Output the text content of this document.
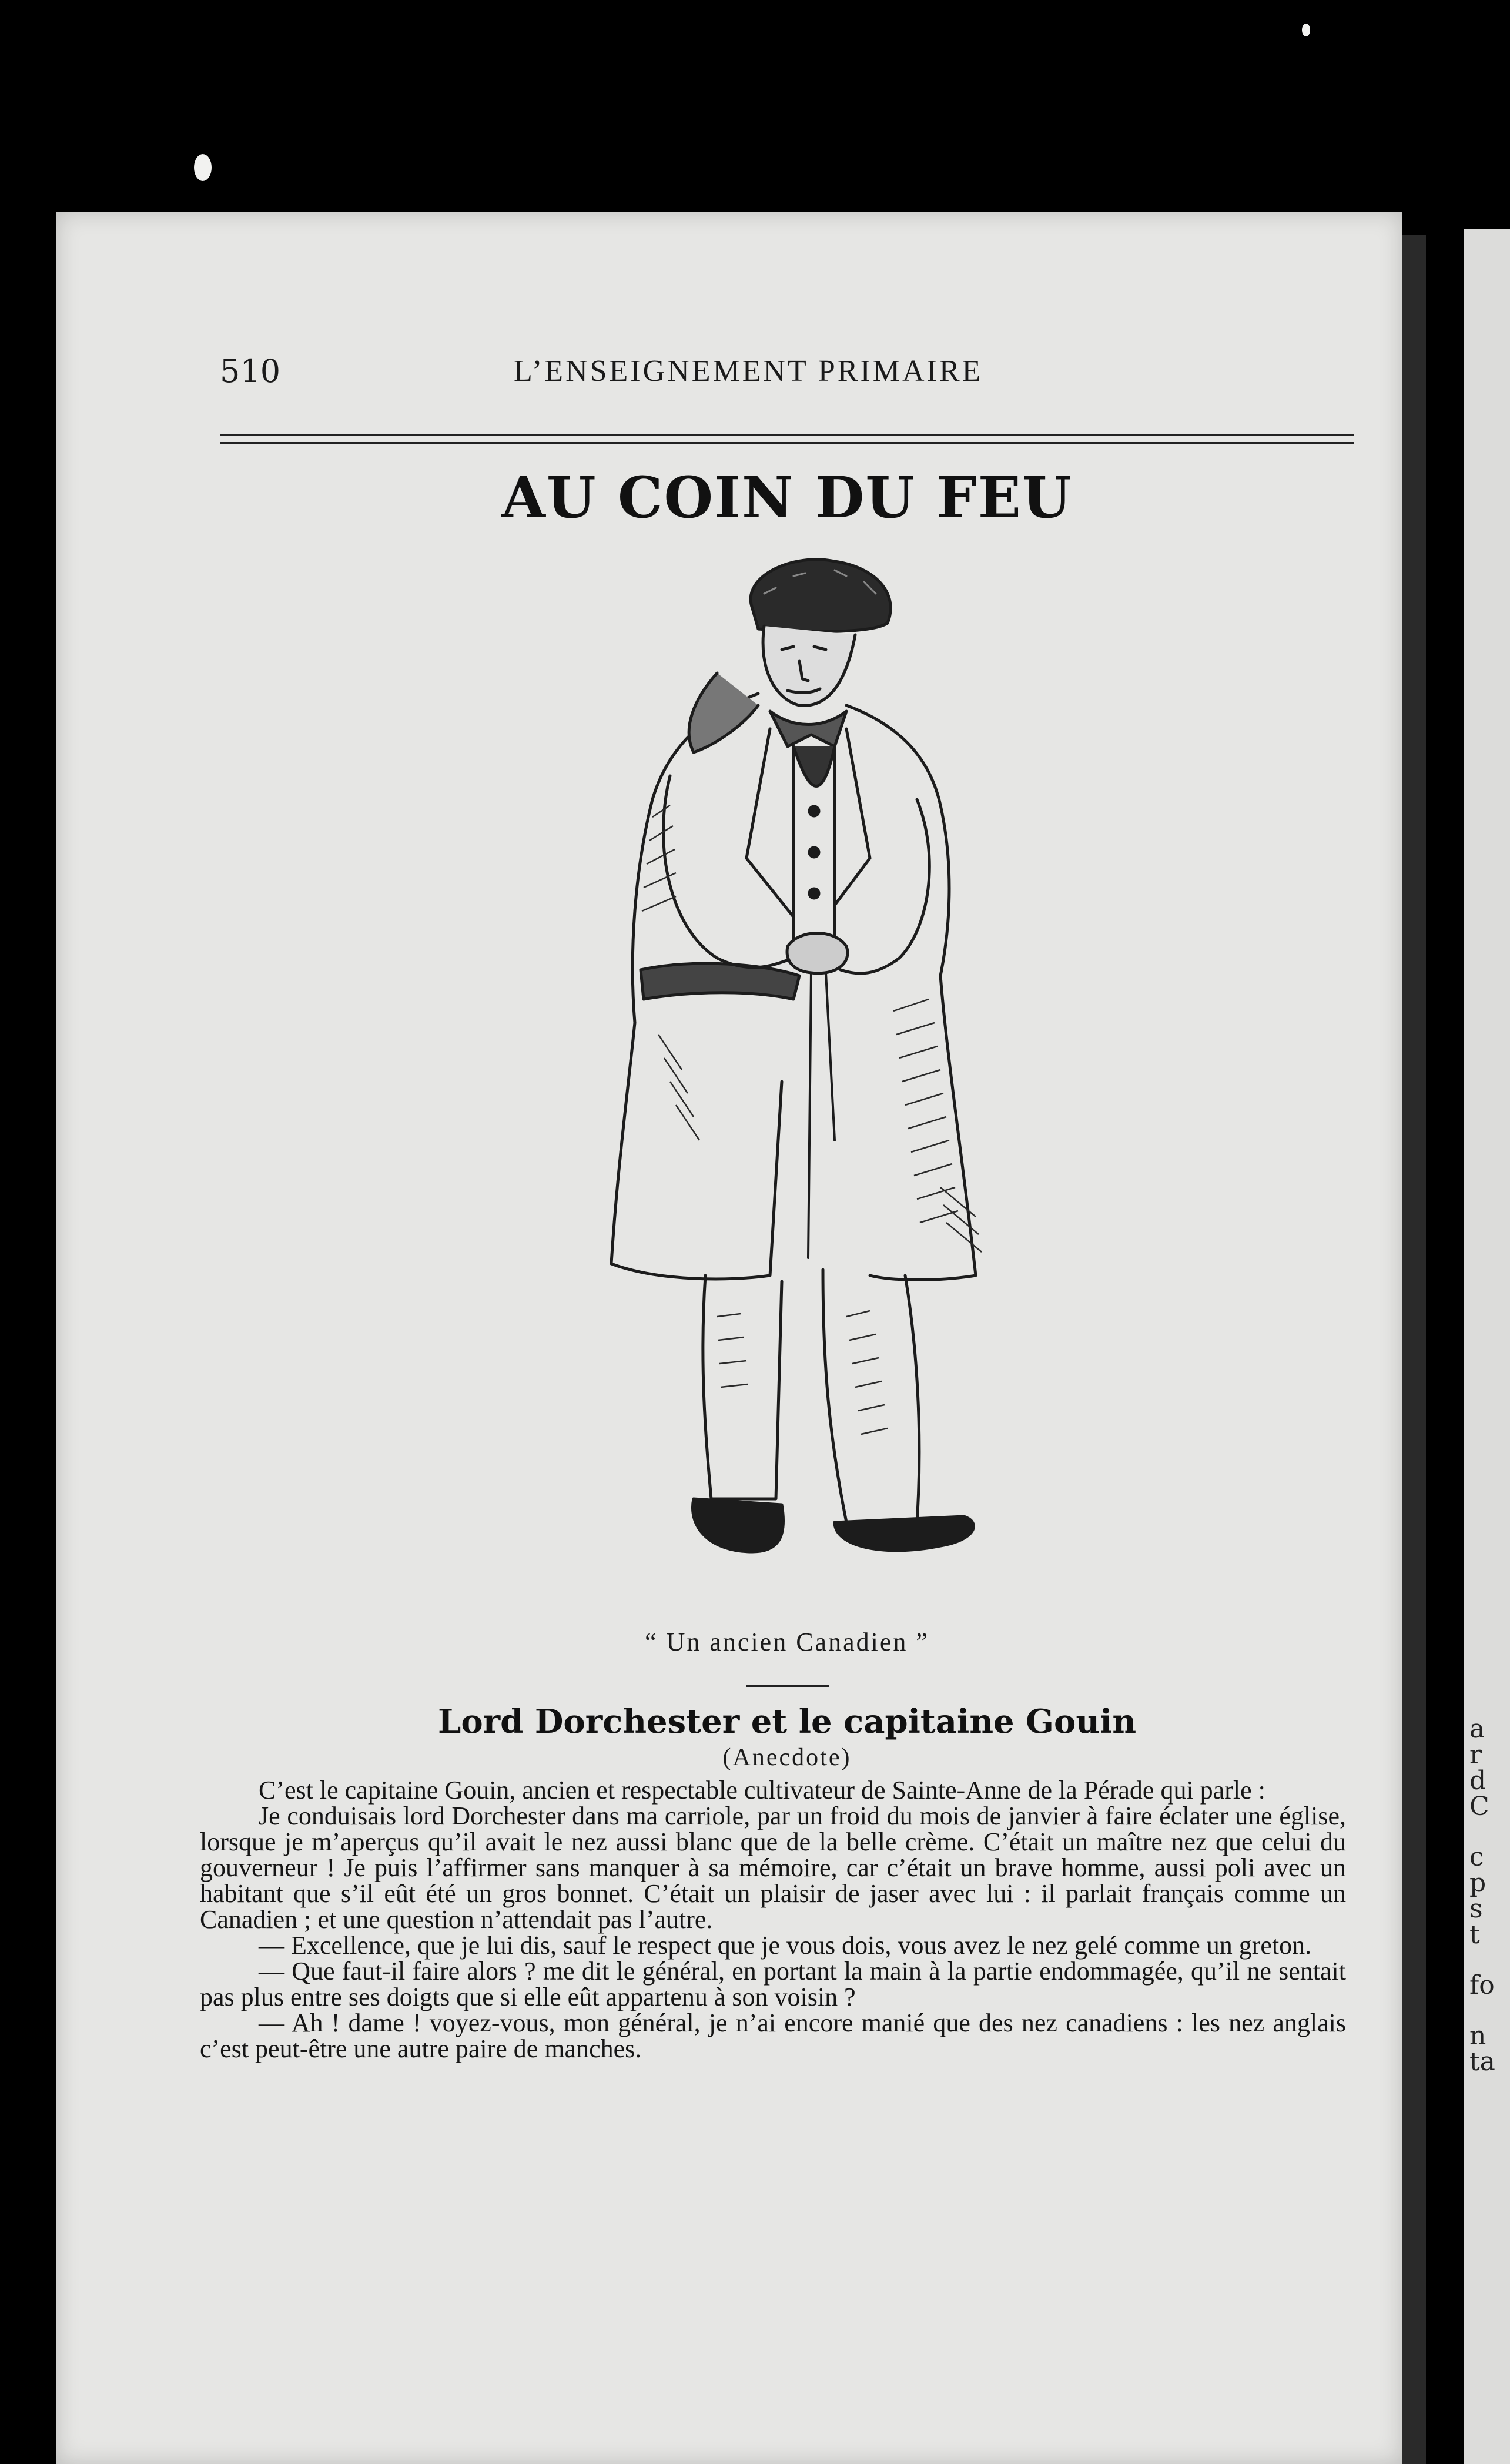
a
r
d
C
c
p
s
t
fo
n
ta
510	L’ENSEIGNEMENT PRIMAIRE
AU COIN DU FEU
“ Un ancien Canadien ”
Lord Dorchester et le capitaine Gouin
(Anecdote)

C’est le capitaine Gouin, ancien et respectable cultivateur de Sainte-Anne de la Pérade qui parle :

Je conduisais lord Dorchester dans ma carriole, par un froid du mois de janvier à faire éclater une église, lorsque je m’aperçus qu’il avait le nez aussi blanc que de la belle crème. C’était un maître nez que celui du gouverneur ! Je puis l’affirmer sans manquer à sa mémoire, car c’était un brave homme, aussi poli avec un habitant que s’il eût été un gros bonnet. C’était un plaisir de jaser avec lui : il parlait français comme un Canadien ; et une question n’attendait pas l’autre.

— Excellence, que je lui dis, sauf le respect que je vous dois, vous avez le nez gelé comme un greton.

— Que faut-il faire alors ? me dit le général, en portant la main à la partie endommagée, qu’il ne sentait pas plus entre ses doigts que si elle eût appartenu à son voisin ?

— Ah ! dame ! voyez-vous, mon général, je n’ai encore manié que des nez canadiens : les nez anglais c’est peut-être une autre paire de manches.
